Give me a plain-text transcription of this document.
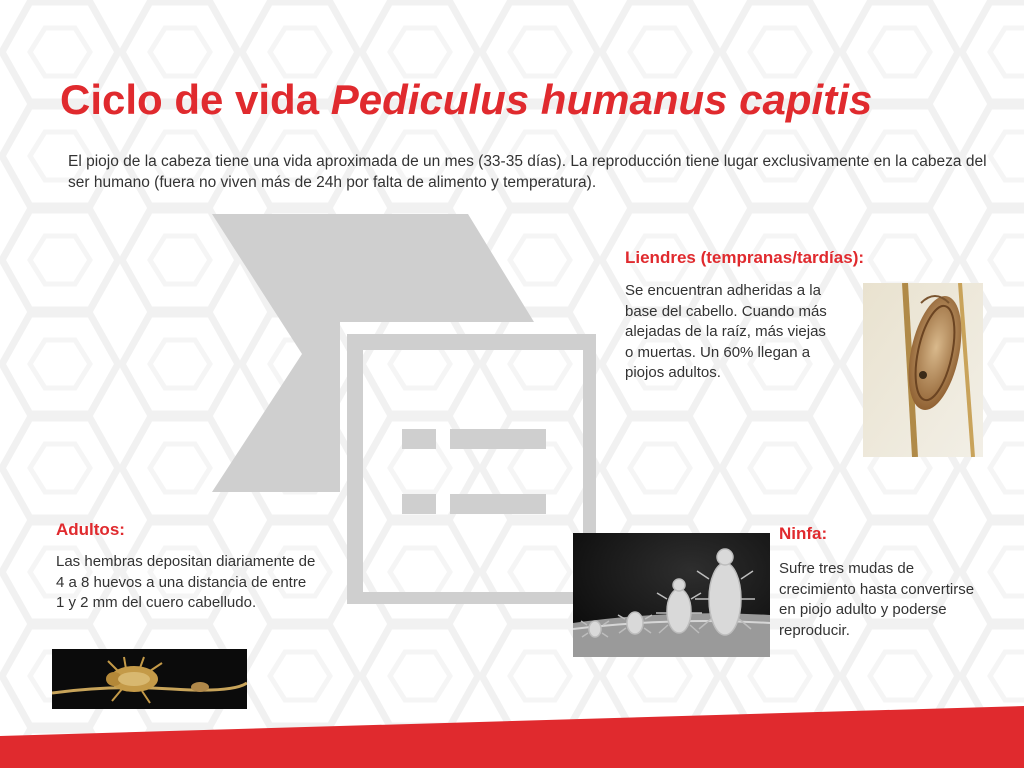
Ciclo de vida Pediculus humanus capitis

El piojo de la cabeza tiene una vida aproximada de un mes (33-35 días). La reproducción tiene lugar exclusivamente en la cabeza del ser humano (fuera no viven más de 24h por falta de alimento y temperatura).

Liendres (tempranas/tardías):

Se encuentran adheridas a la base del cabello. Cuando más alejadas de la raíz, más viejas o muertas. Un 60% llegan a piojos adultos.

Adultos:

Las hembras depositan diariamente de 4 a 8 huevos a una distancia de entre 1 y 2 mm del cuero cabelludo.

Ninfa:

Sufre tres mudas de crecimiento hasta convertirse en piojo adulto y poderse reproducir.
